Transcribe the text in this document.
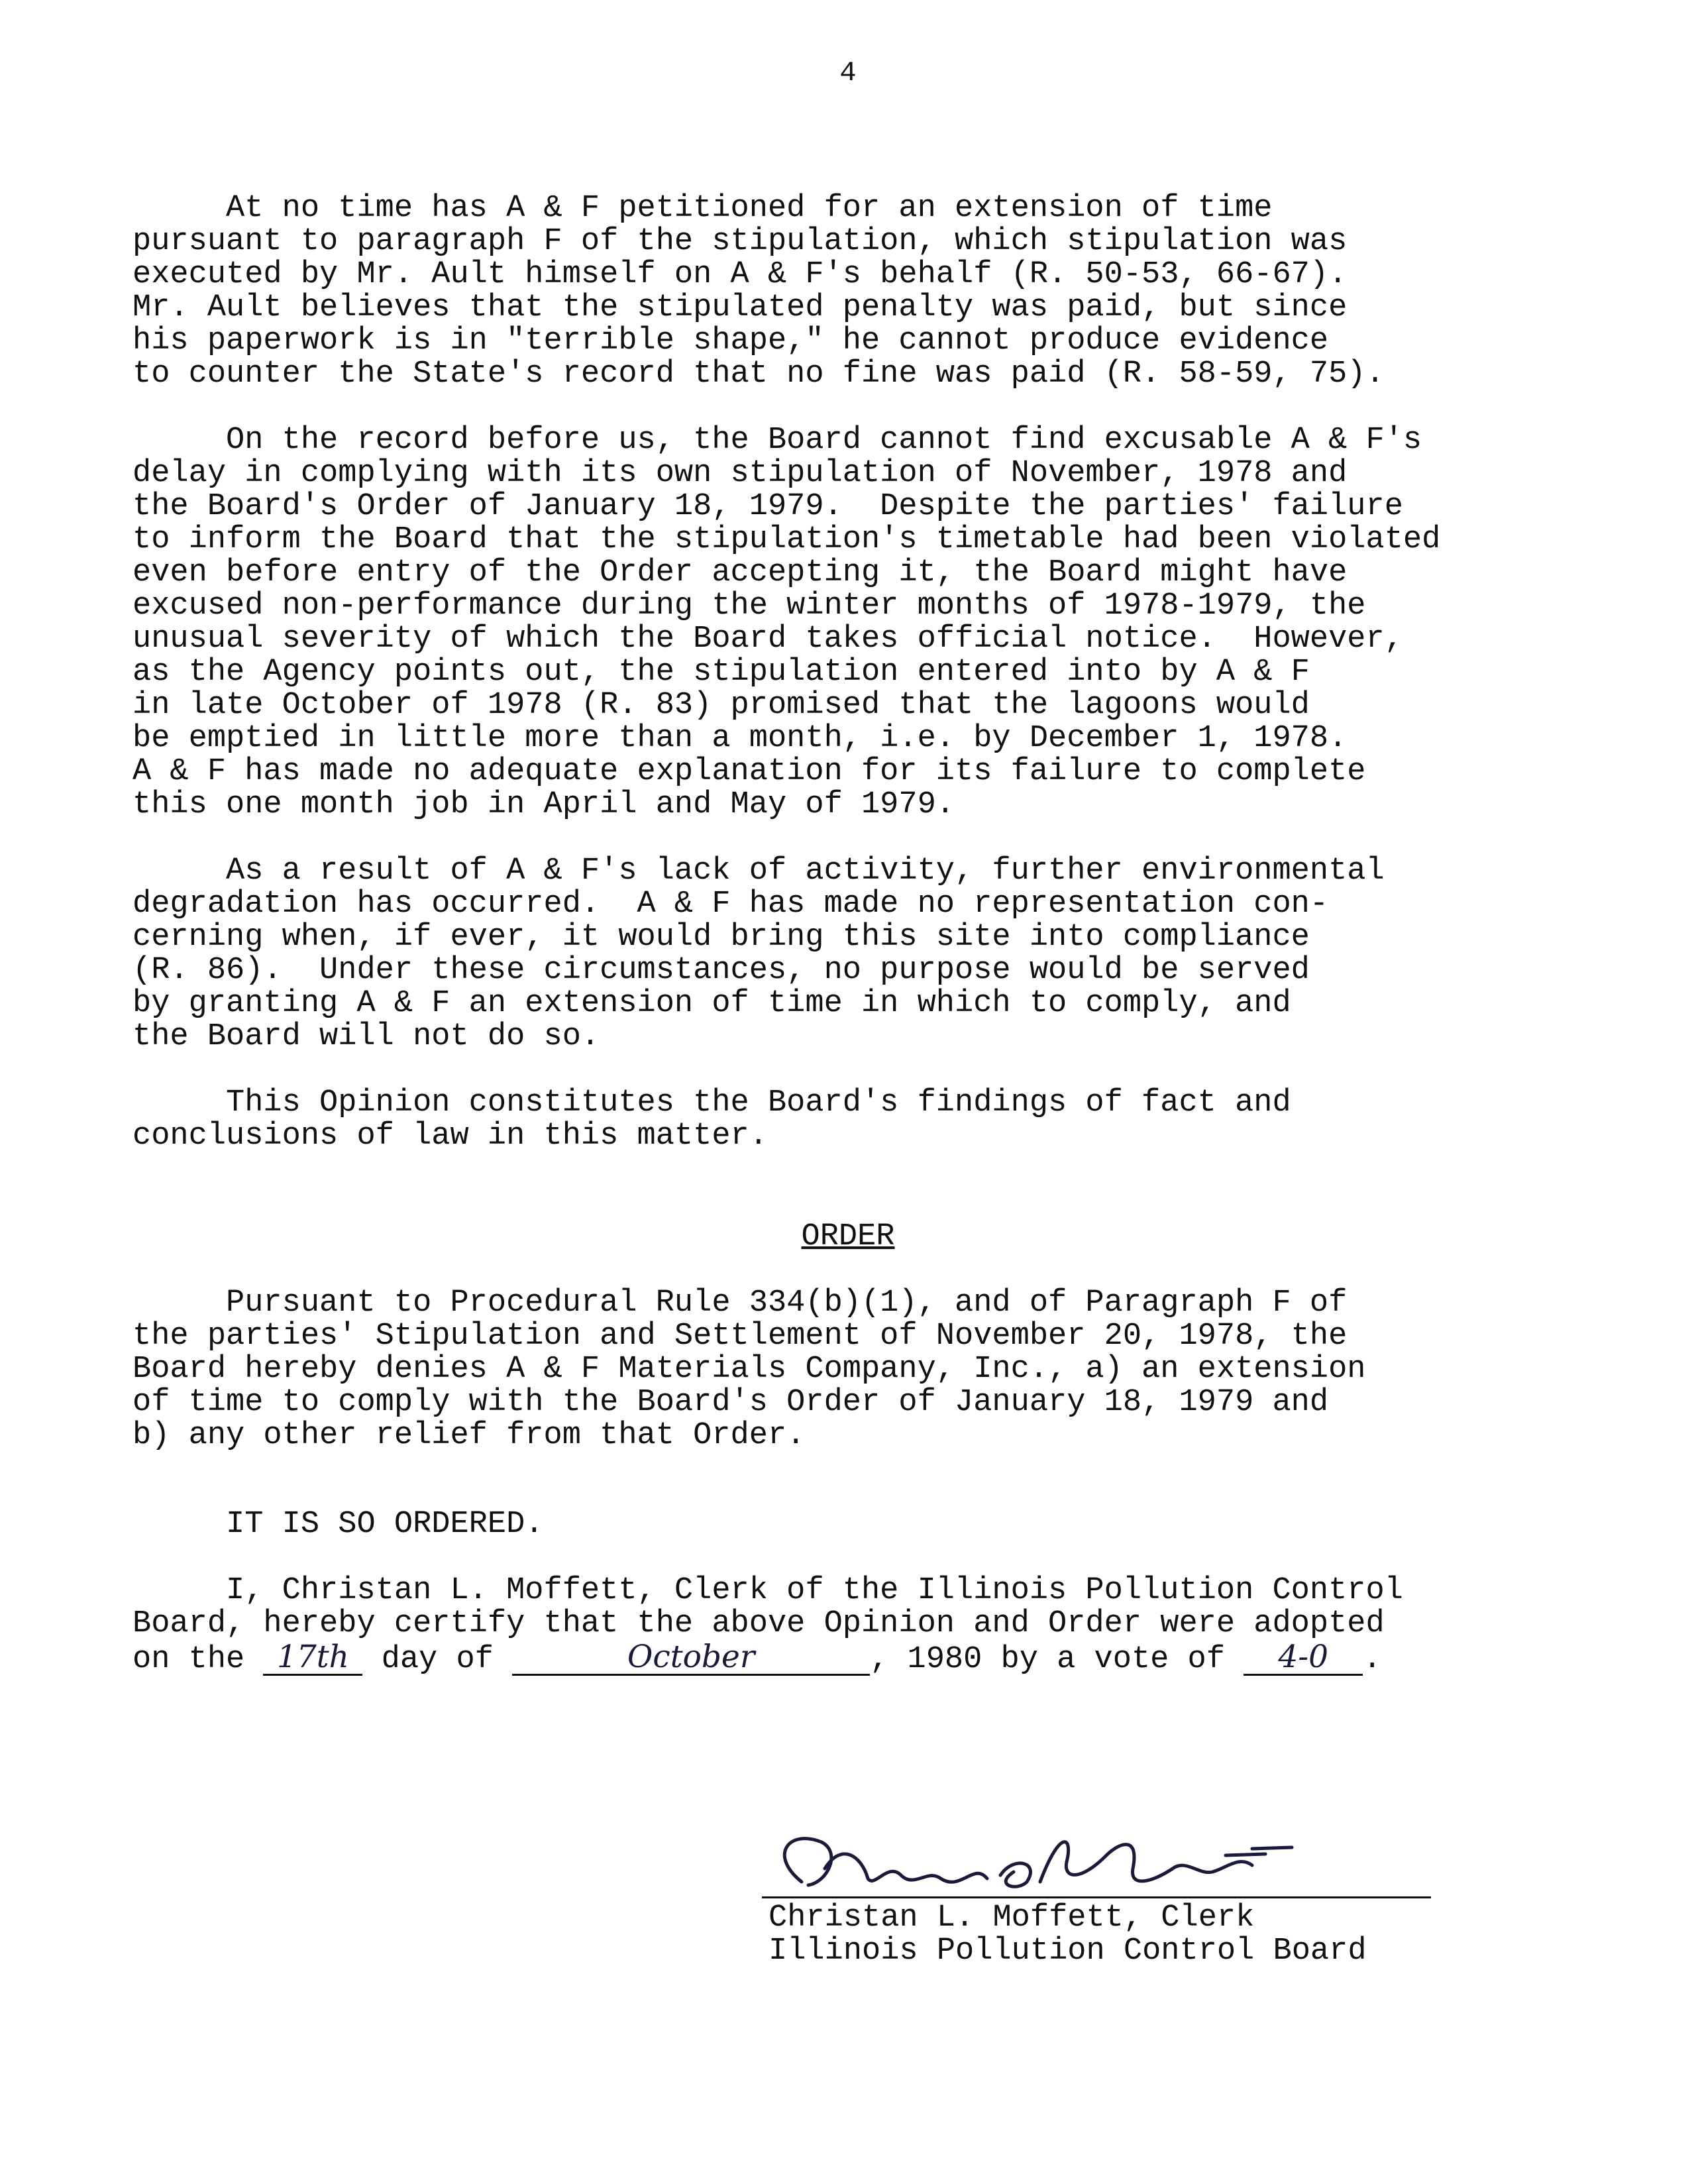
4
At no time has A & F petitioned for an extension of time
pursuant to paragraph F of the stipulation, which stipulation was
executed by Mr. Ault himself on A & F's behalf (R. 50-53, 66-67).
Mr. Ault believes that the stipulated penalty was paid, but since
his paperwork is in "terrible shape," he cannot produce evidence
to counter the State's record that no fine was paid (R. 58-59, 75).
On the record before us, the Board cannot find excusable A & F's
delay in complying with its own stipulation of November, 1978 and
the Board's Order of January 18, 1979.  Despite the parties' failure
to inform the Board that the stipulation's timetable had been violated
even before entry of the Order accepting it, the Board might have
excused non-performance during the winter months of 1978-1979, the
unusual severity of which the Board takes official notice.  However,
as the Agency points out, the stipulation entered into by A & F
in late October of 1978 (R. 83) promised that the lagoons would
be emptied in little more than a month, i.e. by December 1, 1978.
A & F has made no adequate explanation for its failure to complete
this one month job in April and May of 1979.
As a result of A & F's lack of activity, further environmental
degradation has occurred.  A & F has made no representation con-
cerning when, if ever, it would bring this site into compliance
(R. 86).  Under these circumstances, no purpose would be served
by granting A & F an extension of time in which to comply, and
the Board will not do so.
This Opinion constitutes the Board's findings of fact and
conclusions of law in this matter.
ORDER
Pursuant to Procedural Rule 334(b)(1), and of Paragraph F of
the parties' Stipulation and Settlement of November 20, 1978, the
Board hereby denies A & F Materials Company, Inc., a) an extension
of time to comply with the Board's Order of January 18, 1979 and
b) any other relief from that Order.
IT IS SO ORDERED.
I, Christan L. Moffett, Clerk of the Illinois Pollution Control
Board, hereby certify that the above Opinion and Order were adopted
on the 17th day of	October	, 1980 by a vote of 4-0 .
Christan L. Moffett, Clerk
Illinois Pollution Control Board
